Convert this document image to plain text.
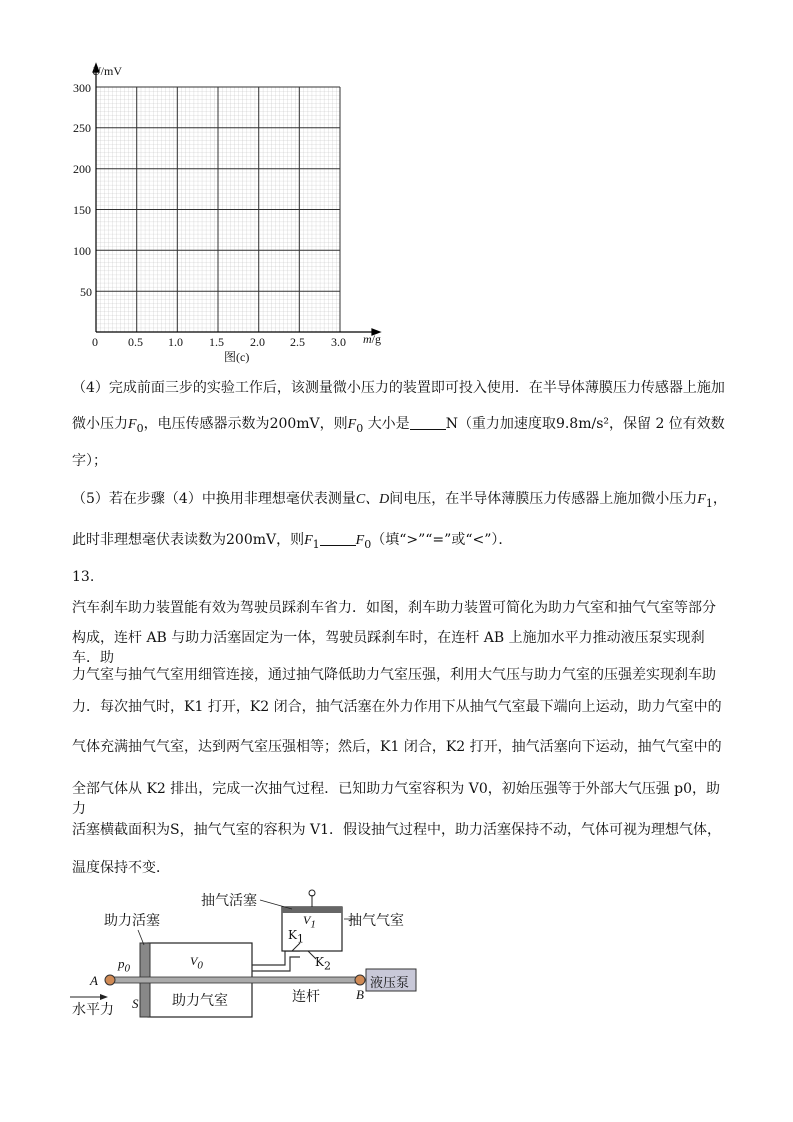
U/mV
300
250
200
150
100
50
0	0.5 1.0 1.5 2.0 2.5 3.0 m/g
图(c)
（4）完成前面三步的实验工作后，该测量微小压力的装置即可投入使用．在半导体薄膜压力传感器上施加
微小压力$F_0$，电压传感器示数为200mV，则$F_0$ 大小是	N（重力加速度取9.8m/s²，保留 2 位有效数
字）；
（5）若在步骤（4）中换用非理想毫伏表测量C、D间电压，在半导体薄膜压力传感器上施加微小压力$F_1$，
此时非理想毫伏表读数为200mV，则$F_1$	$F_0$（填“>”“=”或“<”）．
13.
汽车刹车助力装置能有效为驾驶员踩刹车省力．如图，刹车助力装置可简化为助力气室和抽气气室等部分
构成，连杆 AB 与助力活塞固定为一体，驾驶员踩刹车时，在连杆 AB 上施加水平力推动液压泵实现刹车．助
力气室与抽气气室用细管连接，通过抽气降低助力气室压强，利用大气压与助力气室的压强差实现刹车助
力．每次抽气时，K1 打开，K2 闭合，抽气活塞在外力作用下从抽气气室最下端向上运动，助力气室中的
气体充满抽气气室，达到两气室压强相等；然后，K1 闭合，K2 打开，抽气活塞向下运动，抽气气室中的
全部气体从 K2 排出，完成一次抽气过程．已知助力气室容积为 V0，初始压强等于外部大气压强 p0，助力
活塞横截面积为S，抽气气室的容积为 V1．假设抽气过程中，助力活塞保持不动，气体可视为理想气体，
温度保持不变．
抽气活塞
抽气气室
助力活塞	$V_1$
$K_1$
$K_2$
$p_0$
$V_0$
A
B
S
液压泵
水平力
助力气室	连杆
